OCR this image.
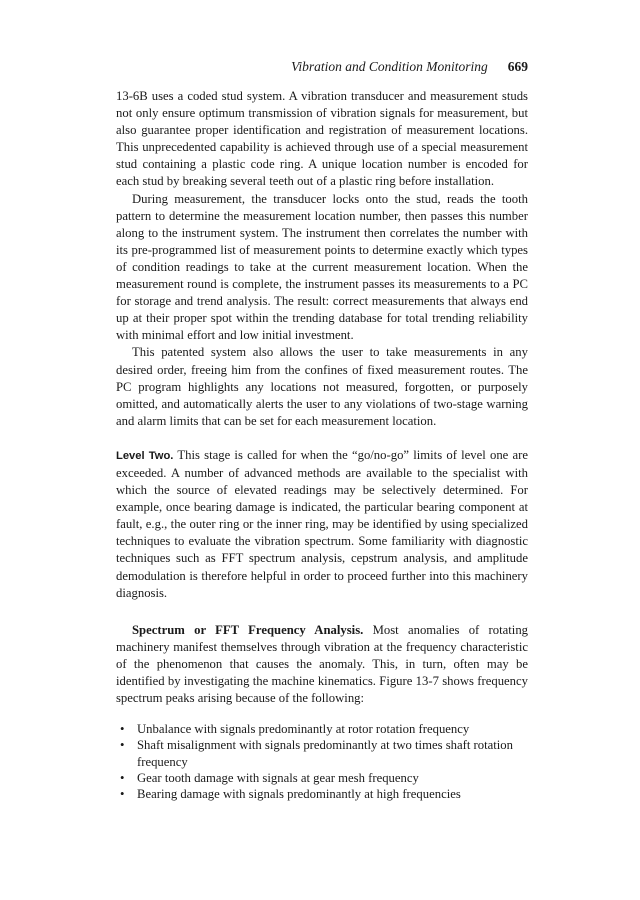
Vibration and Condition Monitoring 669

13-6B uses a coded stud system. A vibration transducer and measurement studs not only ensure optimum transmission of vibration signals for measurement, but also guarantee proper identification and registration of measurement locations. This unprecedented capability is achieved through use of a special measurement stud containing a plastic code ring. A unique location number is encoded for each stud by breaking several teeth out of a plastic ring before installation.

During measurement, the transducer locks onto the stud, reads the tooth pattern to determine the measurement location number, then passes this number along to the instrument system. The instrument then correlates the number with its pre-programmed list of measurement points to determine exactly which types of condition readings to take at the current measurement location. When the measurement round is complete, the instrument passes its measurements to a PC for storage and trend analysis. The result: correct measurements that always end up at their proper spot within the trending database for total trending reliability with minimal effort and low initial investment.

This patented system also allows the user to take measurements in any desired order, freeing him from the confines of fixed measurement routes. The PC program highlights any locations not measured, forgotten, or purposely omitted, and automatically alerts the user to any violations of two-stage warning and alarm limits that can be set for each measurement location.

Level Two. This stage is called for when the “go/no-go” limits of level one are exceeded. A number of advanced methods are available to the specialist with which the source of elevated readings may be selectively determined. For example, once bearing damage is indicated, the particular bearing component at fault, e.g., the outer ring or the inner ring, may be identified by using specialized techniques to evaluate the vibration spectrum. Some familiarity with diagnostic techniques such as FFT spectrum analysis, cepstrum analysis, and amplitude demodulation is therefore helpful in order to proceed further into this machinery diagnosis.

Spectrum or FFT Frequency Analysis. Most anomalies of rotating machinery manifest themselves through vibration at the frequency characteristic of the phenomenon that causes the anomaly. This, in turn, often may be identified by investigating the machine kinematics. Figure 13-7 shows frequency spectrum peaks arising because of the following:

• Unbalance with signals predominantly at rotor rotation frequency
• Shaft misalignment with signals predominantly at two times shaft rotation frequency
• Gear tooth damage with signals at gear mesh frequency
• Bearing damage with signals predominantly at high frequencies
